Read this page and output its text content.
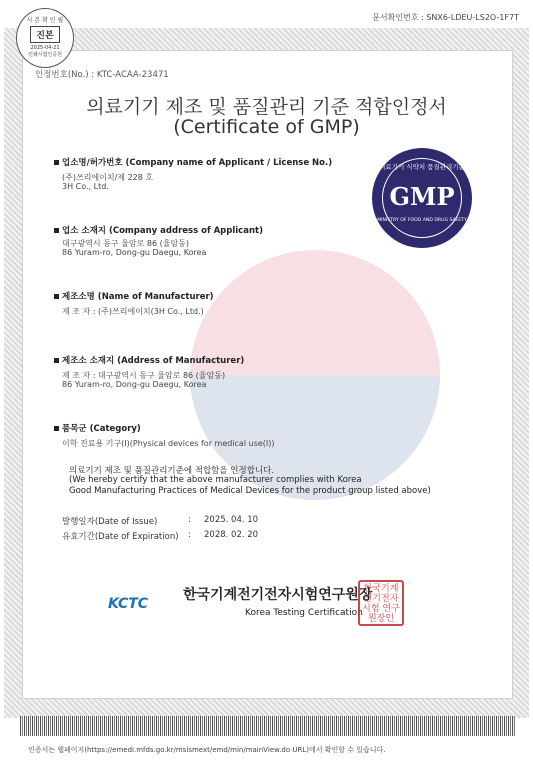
문서확인번호 : SNX6-LDEU-LS2O-1F7T
사 본 확 인 필
진본
2025-04-21
인쇄시험인증원
인정번호(No.) : KTC-ACAA-23471
의료기기 제조 및 품질관리 기준 적합인정서
(Certificate of GMP)
의료기기 식약처 품질관리기준
GMP
MINISTRY OF FOOD AND DRUG SAFETY
업소명/허가번호 (Company name of Applicant / License No.)
(주)쓰리에이치/제 228 호
3H Co., Ltd.
업소 소재지 (Company address of Applicant)
대구광역시 동구 율암로 86 (율암동)
86 Yuram-ro, Dong-gu Daegu, Korea
제조소명 (Name of Manufacturer)
제 조 자 : (주)쓰리에이치(3H Co., Ltd.)
제조소 소재지 (Address of Manufacturer)
제 조 자 : 대구광역시 동구 율암로 86 (율암동)
86 Yuram-ro, Dong-gu Daegu, Korea
품목군 (Category)
이학 진료용 기구(I)(Physical devices for medical use(I))
의료기기 제조 및 품질관리기준에 적합함을 인정합니다.
(We hereby certify that the above manufacturer complies with Korea
Good Manufacturing Practices of Medical Devices for the product group listed above)
발행일자(Date of Issue)	: 2025. 04. 10
유효기간(Date of Expiration) : 2028. 02. 20
KCTC
한국기계전기전자시험연구원장
Korea Testing Certification
한국기계 전기전자시험 연구원장인
인증서는 웹페이지(https://emedi.mfds.go.kr/msismext/emd/min/mainView.do URL)에서 확인할 수 있습니다.
